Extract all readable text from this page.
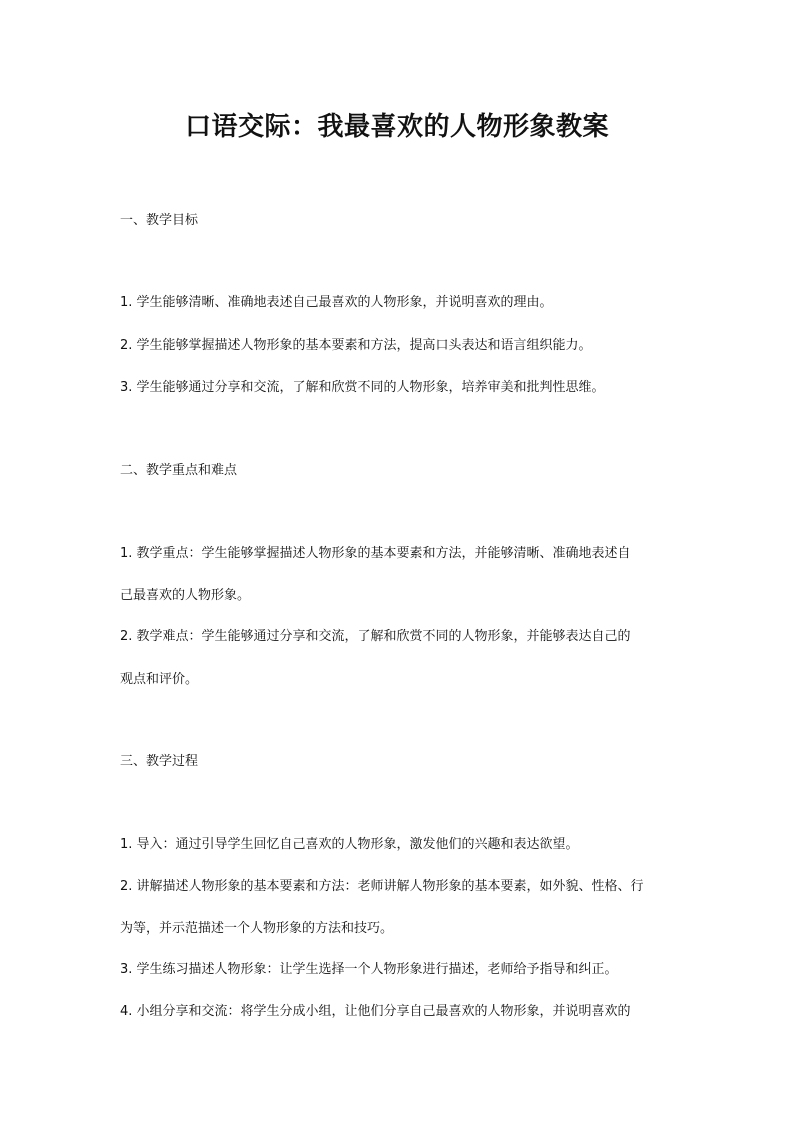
口语交际：我最喜欢的人物形象教案

一、教学目标

1. 学生能够清晰、准确地表述自己最喜欢的人物形象，并说明喜欢的理由。

2. 学生能够掌握描述人物形象的基本要素和方法，提高口头表达和语言组织能力。

3. 学生能够通过分享和交流，了解和欣赏不同的人物形象，培养审美和批判性思维。

二、教学重点和难点

1. 教学重点：学生能够掌握描述人物形象的基本要素和方法，并能够清晰、准确地表述自

己最喜欢的人物形象。

2. 教学难点：学生能够通过分享和交流，了解和欣赏不同的人物形象，并能够表达自己的

观点和评价。

三、教学过程

1. 导入：通过引导学生回忆自己喜欢的人物形象，激发他们的兴趣和表达欲望。

2. 讲解描述人物形象的基本要素和方法：老师讲解人物形象的基本要素，如外貌、性格、行

为等，并示范描述一个人物形象的方法和技巧。

3. 学生练习描述人物形象：让学生选择一个人物形象进行描述，老师给予指导和纠正。

4. 小组分享和交流：将学生分成小组，让他们分享自己最喜欢的人物形象，并说明喜欢的
